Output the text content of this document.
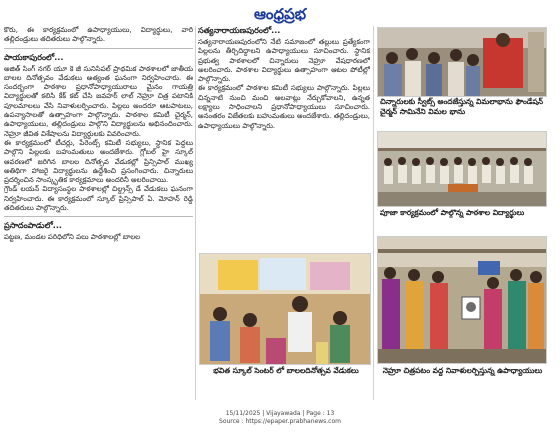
ఆంధ్రప్రభ

కొరు, ఈ కార్యక్రమంలో ఉపాధ్యాయులు, విద్యార్థులు, వారి తల్లిదండ్రులు తదితరులు పాల్గొన్నారు.

పాయకాపురంలో...

అజిత్ సింగ్ నగర్ యూ కె జీ సునిసిపల్ ప్రాథమిక పాఠశాలలో జాతీయ బాలల దినోత్సవం వేడుకలు అత్యంత ఘనంగా నిర్వహించారు. ఈ సందర్భంగా పాఠశాల ప్రధానోపాధ్యాయురాలు మైనం గాయత్రి విద్యార్థులతో కలిసి కేక్ కట్ చేసి జవహర్ లాల్ నెహ్రూ చిత్ర పటానికి పూలమాలలు వేసి నివాళులర్పించారు. పిల్లలు అందరూ ఆటపాటలు, ఉపన్యాసాలతో ఉత్సాహంగా పాల్గొన్నారు. పాఠశాల కమిటీ చైర్మన్, ఉపాధ్యాయులు, తల్లిదండ్రులు పాల్గొని విద్యార్థులను అభినందించారు. నెహ్రూ జీవిత విశేషాలను విద్యార్థులకు వివరించారు.

ఈ కార్యక్రమంలో టీచర్లు, పేరెంట్స్ కమిటీ సభ్యులు, స్థానిక పెద్దలు పాల్గొని పిల్లలకు బహుమతులు అందజేశారు. గ్లోబల్ హై స్కూల్ ఆవరణలో జరిగిన బాలల దినోత్సవ వేడుకల్లో ప్రిన్సిపాల్ ముఖ్య అతిథిగా హాజరై విద్యార్థులను ఉద్దేశించి ప్రసంగించారు. చిన్నారులు ప్రదర్శించిన సాంస్కృతిక కార్యక్రమాలు అందరినీ అలరించాయి.

గ్రౌండ్ లయన్ విద్యాసంస్థల పాఠశాలల్లో చిల్డ్రన్స్ డే వేడుకలు ఘనంగా నిర్వహించారు. ఈ కార్యక్రమంలో స్కూల్ ప్రిన్సిపాల్ ఏ. మోహన్ రెడ్డి తదితరులు పాల్గొన్నారు.

ప్రసాదంపాడులో...

పట్టణ, మండల పరిధిలోని పలు పాఠశాలల్లో బాలల

సత్యనారాయణపురంలో...

సత్యనారాయణపురంలోని నేటి సమాజంలో తల్లులు ప్రత్యేకంగా పిల్లలను తీర్చిదిద్దాలని ఉపాధ్యాయులు సూచించారు. స్థానిక ప్రభుత్వ పాఠశాలలో చిన్నారులు నెహ్రూ వేషధారణలో అలరించారు. పాఠశాల విద్యార్థులు ఉత్సాహంగా ఆటల పోటీల్లో పాల్గొన్నారు.

ఈ కార్యక్రమంలో పాఠశాల కమిటీ సభ్యులు పాల్గొన్నారు. పిల్లలు చిన్ననాటి నుంచి మంచి అలవాట్లు నేర్చుకోవాలని, ఉన్నత లక్ష్యాలు సాధించాలని ప్రధానోపాధ్యాయులు సూచించారు. అనంతరం విజేతలకు బహుమతులు అందజేశారు. తల్లిదండ్రులు, ఉపాధ్యాయులు పాల్గొన్నారు.

చిన్నారులకు స్వీట్స్ అందజేస్తున్న విమలాభాను ఫౌండేషన్ చైర్మన్ సామినేని విమల భాను
పూజా కార్యక్రమంలో పాల్గొన్న పాఠశాల విద్యార్థులు
భవిత స్కూల్ సెంటర్ లో బాలలదినోత్సవ వేడుకలు	నెహ్రూ చిత్రపటం వద్ద నివాళులర్పిస్తున్న ఉపాధ్యాయులు
15/11/2025 | Vijayawada | Page : 13
Source : https://epaper.prabhanews.com
